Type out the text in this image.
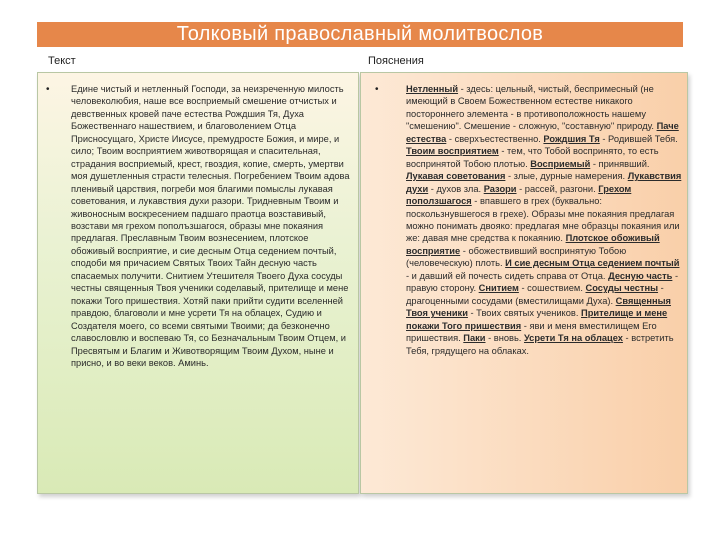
Толковый православный молитвослов
Текст	Пояснения
• Едине чистый и нетленный Господи, за неизреченную милость человеколюбия, наше все восприемый смешение отчистых и девственных кровей паче естества Рождшия Тя, Духа Божественнаго нашествием, и благоволением Отца Присносущаго, Христе Иисусе, премудросте Божия, и мире, и сило; Твоим восприятием животворящая и спасительная, страдания восприемый, крест, гвоздия, копие, смерть, умертви моя душетленныя страсти телесныя. Погребением Твоим адова пленивый царствия, погреби моя благими помыслы лукавая советования, и лукавствия духи разори. Тридневным Твоим и живоносным воскресением падшаго праотца возставивый, возстави мя грехом пополъзшагося, образы мне покаяния предлагая. Преславным Твоим вознесением, плотское обоживый восприятие, и сие десным Отца седением почтый, сподоби мя причасием Святых Твоих Тайн десную часть спасаемых получити. Снитием Утешителя Твоего Духа сосуды честны священныя Твоя ученики соделавый, прителище и мене покажи Того пришествия. Хотяй паки прийти судити вселенней правдою, благоволи и мне усрети Тя на облацех, Судию и Создателя моего, со всеми святыми Твоими; да безконечно славословлю и воспеваю Тя, со Безначальным Твоим Отцем, и Пресвятым и Благим и Животворящим Твоим Духом, ныне и присно, и во веки веков. Аминь.
•	Нетленный - здесь: цельный, чистый, беспримесный (не имеющий в Своем Божественном естестве никакого постороннего элемента - в противоположность нашему "смешению". Смешение - сложную, "составную" природу. Паче естества - сверхъестественно. Рождшия Тя - Родившей Тебя. Твоим восприятием - тем, что Тобой воспринято, то есть воспринятой Тобою плотью. Восприемый - принявший. Лукавая советования - злые, дурные намерения. Лукавствия духи - духов зла. Разори - рассей, разгони. Грехом поползшагося - впавшего в грех (буквально: поскользнувшегося в грехе). Образы мне покаяния предлагая можно понимать двояко: предлагая мне образцы покаяния или же: давая мне средства к покаянию. Плотское обоживый восприятие - обожествивший воспринятую Тобою (человеческую) плоть. И сие десным Отца седением почтый - и давший ей почесть сидеть справа от Отца. Десную часть - правую сторону. Снитием - сошествием. Сосуды честны - драгоценными сосудами (вместилищами Духа). Священныя Твоя ученики - Твоих святых учеников. Прителище и мене покажи Того пришествия - яви и меня вместилищем Его пришествия. Паки - вновь. Усрети Тя на облацех - встретить Тебя, грядущего на облаках.
